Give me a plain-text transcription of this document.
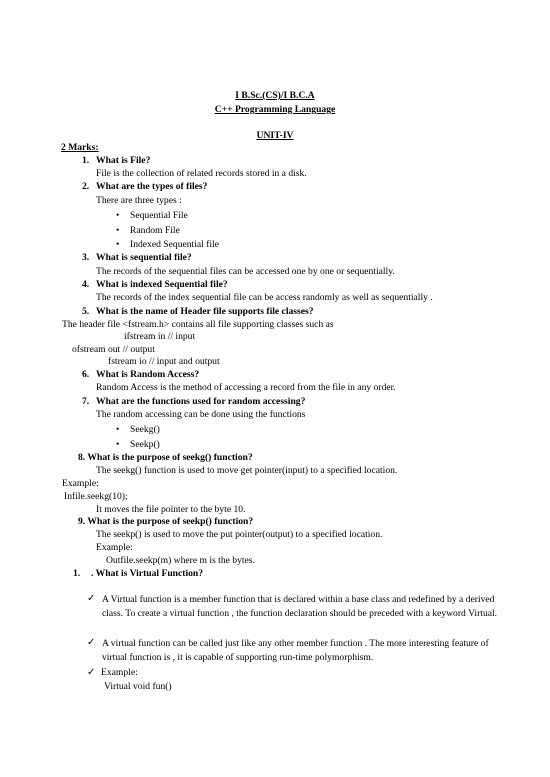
I B.Sc.(CS)/I B.C.A
C++ Programming Language
UNIT-IV
2 Marks:
1. What is File?
File is the collection of related records stored in a disk.
2. What are the types of files?
There are three types :
• Sequential File
• Random File
• Indexed Sequential file
3. What is sequential file?
The records of the sequential files can be accessed one by one or sequentially.
4. What is indexed Sequential file?
The records of the index sequential file can be access randomly as well as sequentially .
5. What is the name of Header file supports file classes?
The header file <fstream.h> contains all file supporting classes such as
ifstream in // input
ofstream out // output
fstream io // input and output
6. What is Random Access?
Random Access is the method of accessing a record from the file in any order.
7. What are the functions used for random accessing?
The random accessing can be done using the functions
• Seekg()
• Seekp()
8. What is the purpose of seekg() function?
The seekg() function is used to move get pointer(input) to a specified location.
Example:
Infile.seekg(10);
It moves the file pointer to the byte 10.
9. What is the purpose of seekp() function?
The seekp() is used to move the put pointer(output) to a specified location.
Example:
Outfile.seekp(m) where m is the bytes.
1. . What is Virtual Function?
✓ A Virtual function is a member function that is declared within a base class and redefined by a derived class. To create a virtual function , the function declaration should be preceded with a keyword Virtual.
✓ A virtual function can be called just like any other member function . The more interesting feature of virtual function is , it is capable of supporting run-time polymorphism.
✓ Example:
Virtual void fun()
